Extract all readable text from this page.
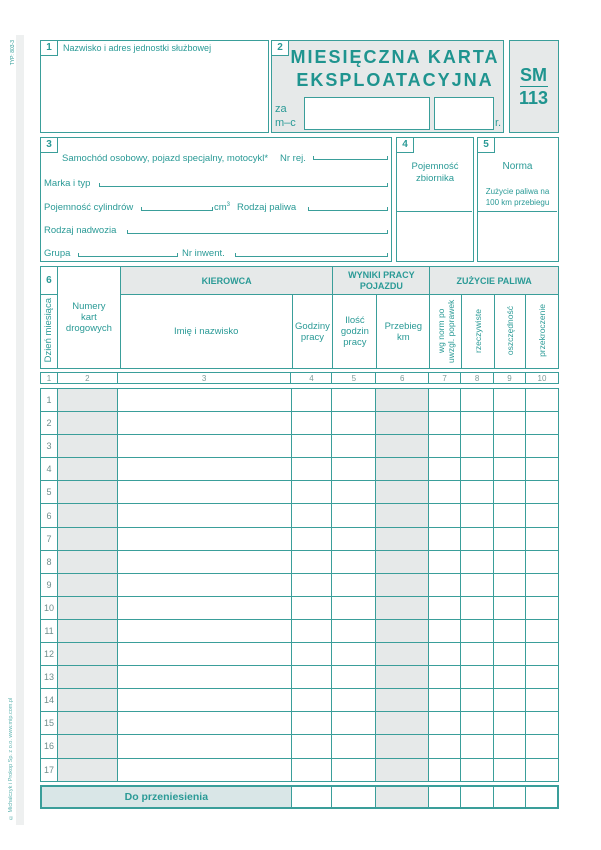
TYP: 803-3
© Michalczyk i Prokop Sp. z o.o. www.mip.com.pl
1	Nazwisko i adres jednostki służbowej	2 MIESIĘCZNA KARTA
EKSPLOATACYJNA
za
m–c	r.
SM
113
3
Samochód osobowy, pojazd specjalny, motocykl* Nr rej.
Marka i typ
Pojemność cylindrów	$cm^3$ Rodzaj paliwa
Rodzaj nadwozia
Grupa	Nr inwent.
4
Pojemność zbiornika
5
Norma
Zużycie paliwa na 100 km przebiegu
6	Numery kart drogowych	KIEROWCA		WYNIKI PRACY POJAZDU		ZUŻYCIE PALIWA			
Dzień miesiąca		Imię i nazwisko	Godziny pracy	Ilość godzin pracy	Przebieg km	wg norm po uwzgl. poprawek	rzeczywiste	oszczędność	przekroczenie
1	2	3	4	5	6	7	8	9	10
1									
2									
3									
4									
5									
6									
7									
8									
9									
10									
11									
12									
13									
14									
15									
16									
17									
Do przeniesienia							
